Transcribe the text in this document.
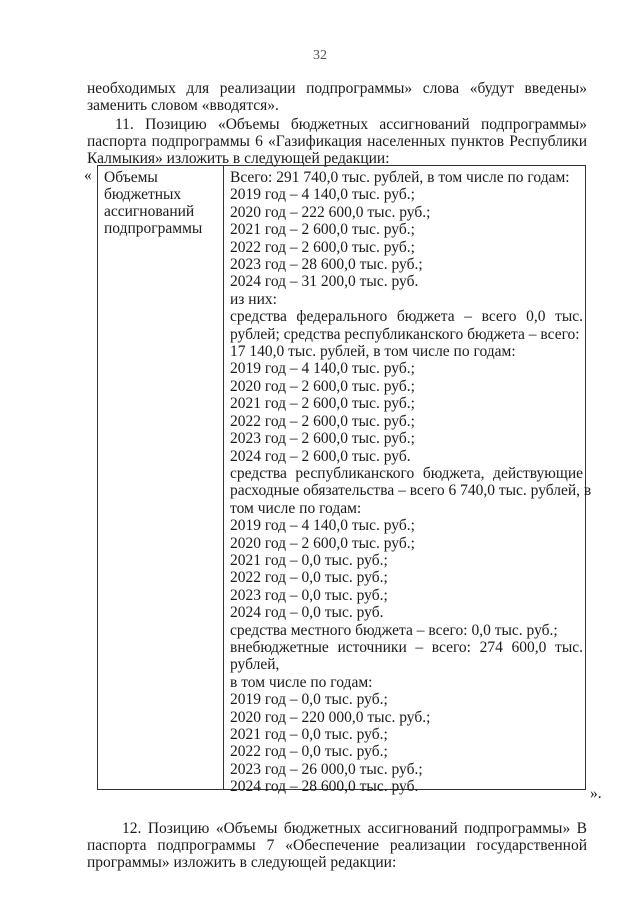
32
необходимых для реализации подпрограммы» слова «будут введены» заменить словом «вводятся».
11. Позицию «Объемы бюджетных ассигнований подпрограммы» паспорта подпрограммы 6 «Газификация населенных пунктов Республики Калмыкия» изложить в следующей редакции:
« Объемы бюджетных ассигнований подпрограммы
Всего: 291 740,0 тыс. рублей, в том числе по годам:
2019 год – 4 140,0 тыс. руб.;
2020 год – 222 600,0 тыс. руб.;
2021 год – 2 600,0 тыс. руб.;
2022 год – 2 600,0 тыс. руб.;
2023 год – 28 600,0 тыс. руб.;
2024 год – 31 200,0 тыс. руб.
из них:
средства федерального бюджета – всего 0,0 тыс.
рублей; средства республиканского бюджета – всего:
17 140,0 тыс. рублей, в том числе по годам:
2019 год – 4 140,0 тыс. руб.;
2020 год – 2 600,0 тыс. руб.;
2021 год – 2 600,0 тыс. руб.;
2022 год – 2 600,0 тыс. руб.;
2023 год – 2 600,0 тыс. руб.;
2024 год – 2 600,0 тыс. руб.
средства республиканского бюджета, действующие
расходные обязательства – всего 6 740,0 тыс. рублей, в
том числе по годам:
2019 год – 4 140,0 тыс. руб.;
2020 год – 2 600,0 тыс. руб.;
2021 год – 0,0 тыс. руб.;
2022 год – 0,0 тыс. руб.;
2023 год – 0,0 тыс. руб.;
2024 год – 0,0 тыс. руб.
средства местного бюджета – всего: 0,0 тыс. руб.;
внебюджетные источники – всего: 274 600,0 тыс.
рублей,
в том числе по годам:
2019 год – 0,0 тыс. руб.;
2020 год – 220 000,0 тыс. руб.;
2021 год – 0,0 тыс. руб.;
2022 год – 0,0 тыс. руб.;
2023 год – 26 000,0 тыс. руб.;
2024 год – 28 600,0 тыс. руб.	».
12. Позицию «Объемы бюджетных ассигнований подпрограммы» В паспорта подпрограммы 7 «Обеспечение реализации государственной программы» изложить в следующей редакции:
